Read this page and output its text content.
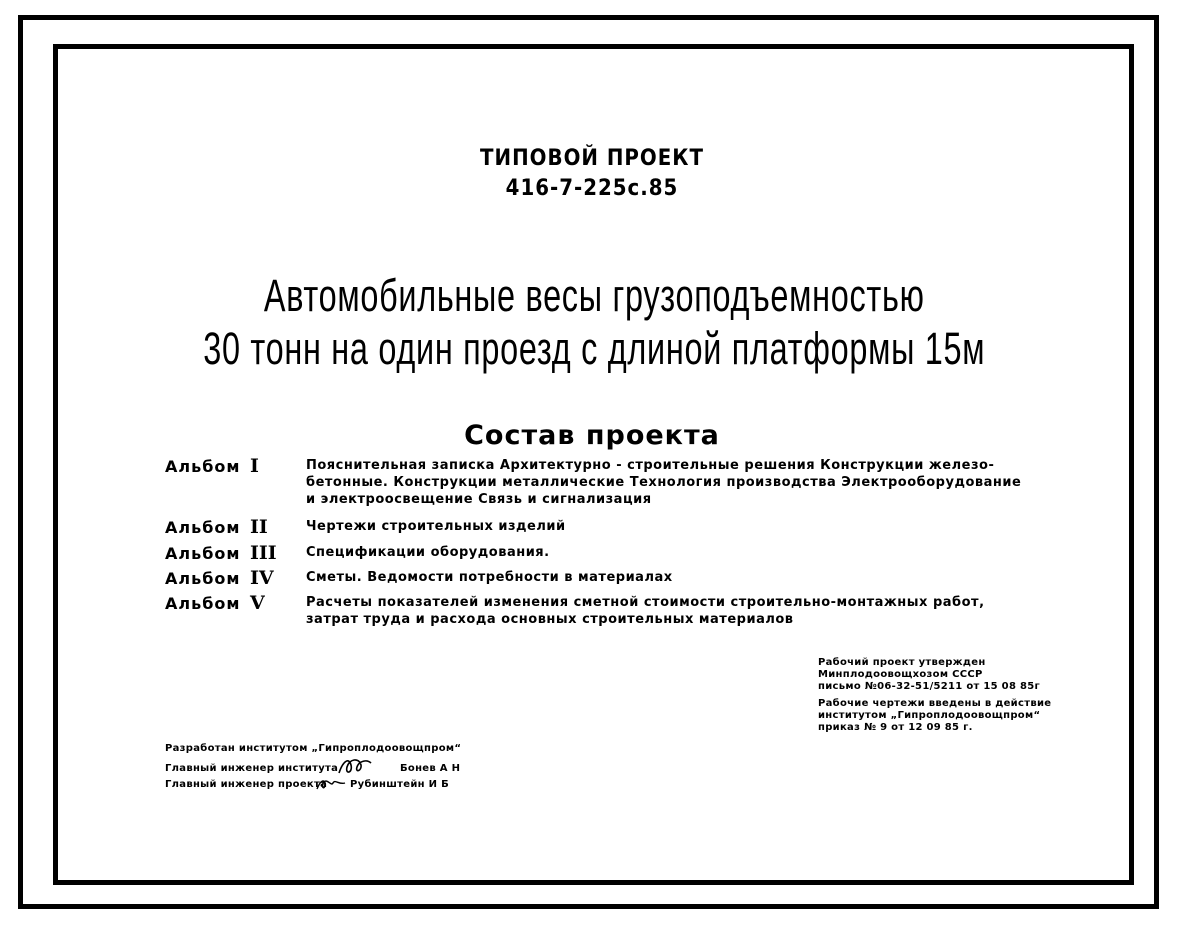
ТИПОВОЙ ПРОЕКТ
416-7-225с.85
Автомобильные весы грузоподъемностью
30 тонн на один проезд с длиной платформы 15м
Состав проекта
Альбом I	Пояснительная записка Архитектурно - строительные решения Конструкции железо-
бетонные. Конструкции металлические Технология производства Электрооборудование
и электроосвещение Связь и сигнализация
Альбом II	Чертежи строительных изделий
Альбом III Спецификации оборудования.
Альбом IV Сметы. Ведомости потребности в материалах
Альбом V	Расчеты показателей изменения сметной стоимости строительно-монтажных работ,
затрат труда и расхода основных строительных материалов
Рабочий проект утвержден
Минплодоовощхозом СССР
письмо №06-32-51/5211 от 15 08 85г
Рабочие чертежи введены в действие
институтом „Гипроплодоовощпром“
приказ № 9 от 12 09 85 г.
Разработан институтом „Гипроплодоовощпром“
Главный инженер института	Бонев А Н
Главный инженер проекта Рубинштейн И Б
